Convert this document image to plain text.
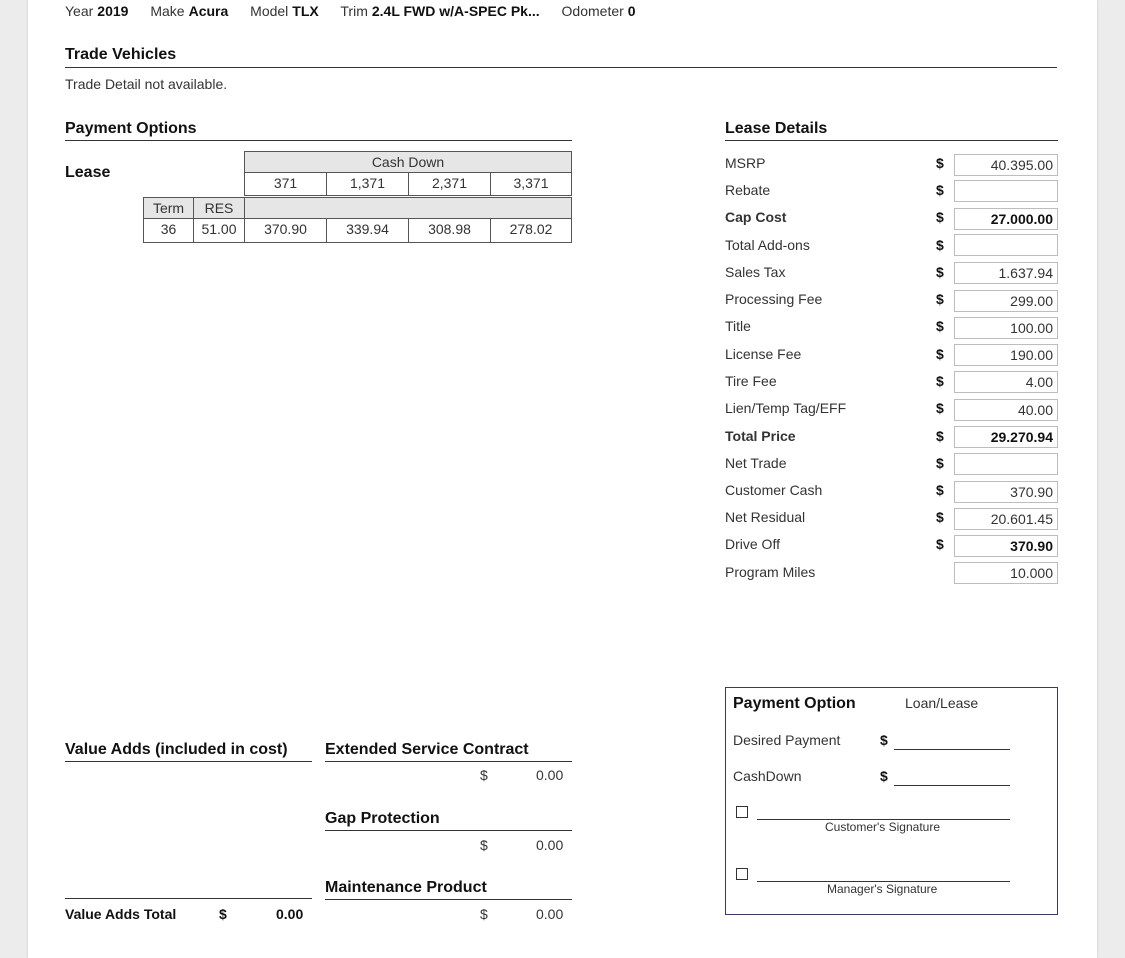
Year 2019 Make Acura Model TLX Trim 2.4L FWD w/A-SPEC Pk... Odometer 0
Trade Vehicles
Trade Detail not available.
Payment Options
Lease
Cash Down
371	1,371	2,371	3,371
Term	RES
36	51.00	370.90	339.94	308.98	278.02
Lease Details
MSRP	$	40.395.00
Rebate	$
Cap Cost	$	27.000.00
Total Add-ons	$
Sales Tax	$	1.637.94
Processing Fee	$	299.00
Title	$	100.00
License Fee	$	190.00
Tire Fee	$	4.00
Lien/Temp Tag/EFF	$	40.00
Total Price	$	29.270.94
Net Trade	$
Customer Cash	$	370.90
Net Residual	$	20.601.45
Drive Off	$	370.90
Program Miles	10.000
Value Adds (included in cost)
Value Adds Total	$	0.00
Extended Service Contract
$	0.00
Gap Protection
$	0.00
Maintenance Product
$	0.00
Payment Option	Loan/Lease
Desired Payment	$
CashDown	$
Customer's Signature
Manager's Signature
